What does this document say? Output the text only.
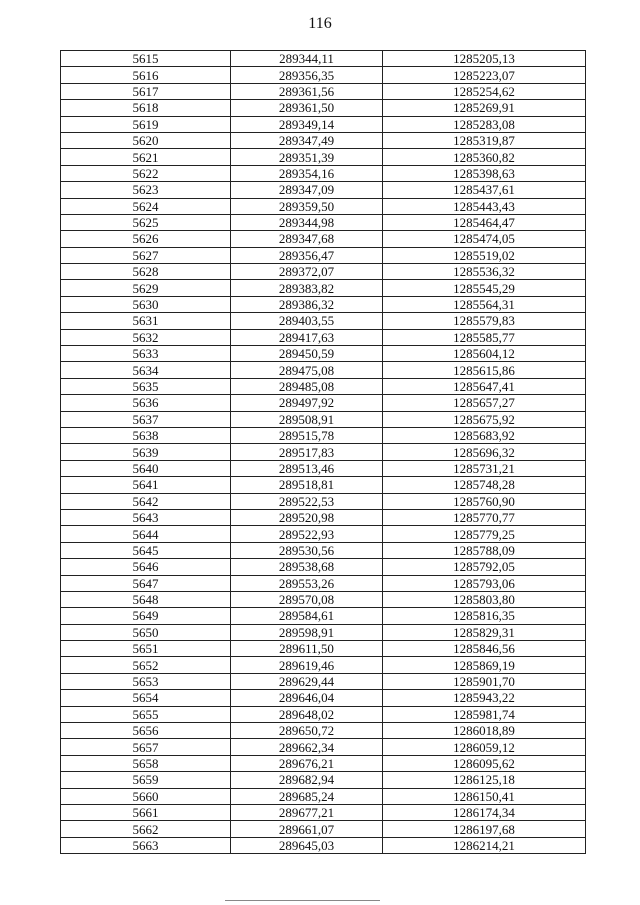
116
5615	289344,11	1285205,13
5616	289356,35	1285223,07
5617	289361,56	1285254,62
5618	289361,50	1285269,91
5619	289349,14	1285283,08
5620	289347,49	1285319,87
5621	289351,39	1285360,82
5622	289354,16	1285398,63
5623	289347,09	1285437,61
5624	289359,50	1285443,43
5625	289344,98	1285464,47
5626	289347,68	1285474,05
5627	289356,47	1285519,02
5628	289372,07	1285536,32
5629	289383,82	1285545,29
5630	289386,32	1285564,31
5631	289403,55	1285579,83
5632	289417,63	1285585,77
5633	289450,59	1285604,12
5634	289475,08	1285615,86
5635	289485,08	1285647,41
5636	289497,92	1285657,27
5637	289508,91	1285675,92
5638	289515,78	1285683,92
5639	289517,83	1285696,32
5640	289513,46	1285731,21
5641	289518,81	1285748,28
5642	289522,53	1285760,90
5643	289520,98	1285770,77
5644	289522,93	1285779,25
5645	289530,56	1285788,09
5646	289538,68	1285792,05
5647	289553,26	1285793,06
5648	289570,08	1285803,80
5649	289584,61	1285816,35
5650	289598,91	1285829,31
5651	289611,50	1285846,56
5652	289619,46	1285869,19
5653	289629,44	1285901,70
5654	289646,04	1285943,22
5655	289648,02	1285981,74
5656	289650,72	1286018,89
5657	289662,34	1286059,12
5658	289676,21	1286095,62
5659	289682,94	1286125,18
5660	289685,24	1286150,41
5661	289677,21	1286174,34
5662	289661,07	1286197,68
5663	289645,03	1286214,21
